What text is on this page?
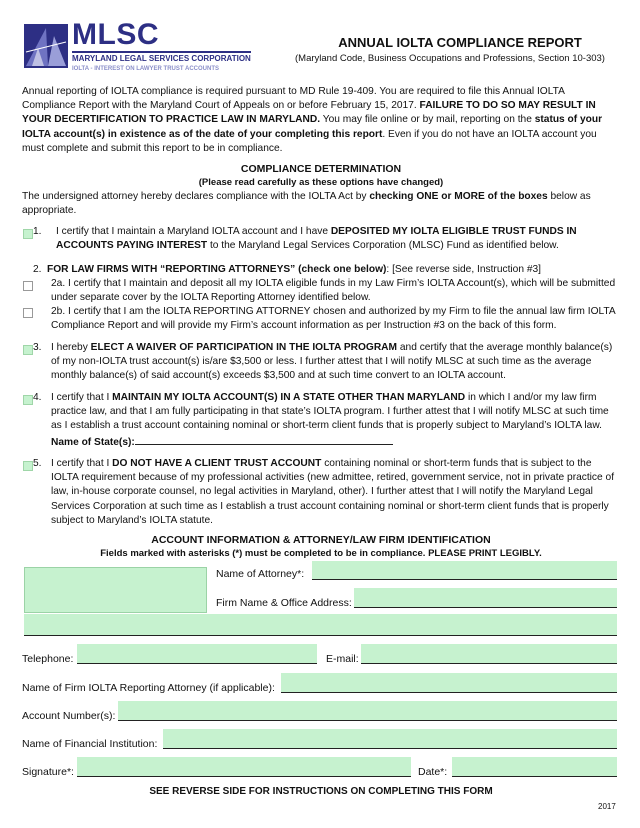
MLSC
MARYLAND LEGAL SERVICES CORPORATION
IOLTA - INTEREST ON LAWYER TRUST ACCOUNTS
ANNUAL IOLTA COMPLIANCE REPORT
(Maryland Code, Business Occupations and Professions, Section 10-303)
Annual reporting of IOLTA compliance is required pursuant to MD Rule 19-409. You are required to file this Annual IOLTA Compliance Report with the Maryland Court of Appeals on or before February 15, 2017. FAILURE TO DO SO MAY RESULT IN YOUR DECERTIFICATION TO PRACTICE LAW IN MARYLAND. You may file online or by mail, reporting on the status of your IOLTA account(s) in existence as of the date of your completing this report. Even if you do not have an IOLTA account you must complete and submit this report to be in compliance.
COMPLIANCE DETERMINATION
(Please read carefully as these options have changed)
The undersigned attorney hereby declares compliance with the IOLTA Act by checking ONE or MORE of the boxes below as appropriate.
1. I certify that I maintain a Maryland IOLTA account and I have DEPOSITED MY IOLTA ELIGIBLE TRUST FUNDS IN ACCOUNTS PAYING INTEREST to the Maryland Legal Services Corporation (MLSC) Fund as identified below.
2. FOR LAW FIRMS WITH “REPORTING ATTORNEYS” (check one below): [See reverse side, Instruction #3]
2a. I certify that I maintain and deposit all my IOLTA eligible funds in my Law Firm’s IOLTA Account(s), which will be submitted under separate cover by the IOLTA Reporting Attorney identified below.
2b. I certify that I am the IOLTA REPORTING ATTORNEY chosen and authorized by my Firm to file the annual law firm IOLTA Compliance Report and will provide my Firm’s account information as per Instruction #3 on the back of this form.
3. I hereby ELECT A WAIVER OF PARTICIPATION IN THE IOLTA PROGRAM and certify that the average monthly balance(s) of my non-IOLTA trust account(s) is/are $3,500 or less. I further attest that I will notify MLSC at such time as the average monthly balance(s) of said account(s) exceeds $3,500 and at such time convert to an IOLTA account.
4. I certify that I MAINTAIN MY IOLTA ACCOUNT(S) IN A STATE OTHER THAN MARYLAND in which I and/or my law firm practice law, and that I am fully participating in that state’s IOLTA program. I further attest that I will notify MLSC at such time as I establish a trust account containing nominal or short-term client funds that is properly subject to Maryland’s IOLTA law. Name of State(s):
5. I certify that I DO NOT HAVE A CLIENT TRUST ACCOUNT containing nominal or short-term funds that is subject to the IOLTA requirement because of my professional activities (new admittee, retired, government service, not in private practice of law, in-house corporate counsel, no legal activities in Maryland, other). I further attest that I will notify the Maryland Legal Services Corporation at such time as I establish a trust account containing nominal or short-term client funds that is properly subject to Maryland’s IOLTA statute.
ACCOUNT INFORMATION & ATTORNEY/LAW FIRM IDENTIFICATION
Fields marked with asterisks (*) must be completed to be in compliance. PLEASE PRINT LEGIBLY.
Name of Attorney*:
Firm Name & Office Address:
Telephone:	E-mail:
Name of Firm IOLTA Reporting Attorney (if applicable):
Account Number(s):
Name of Financial Institution:
Signature*:	Date*:
SEE REVERSE SIDE FOR INSTRUCTIONS ON COMPLETING THIS FORM
2017
